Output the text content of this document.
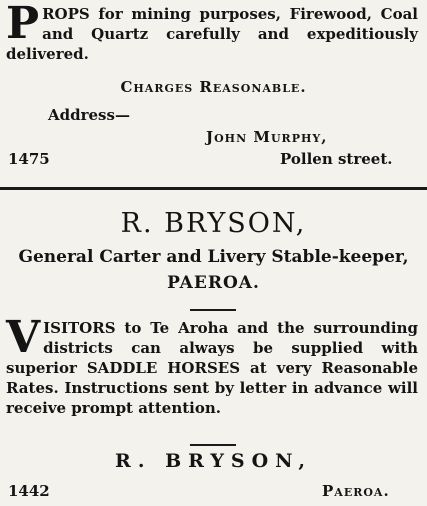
PROPS for mining purposes, Firewood, Coal and Quartz carefully and expeditiously delivered.
Charges Reasonable.
Address—
John Murphy,
1475	Pollen street.
R. BRYSON,
General Carter and Livery Stable-keeper,
PAEROA.
VISITORS to Te Aroha and the surrounding districts can always be supplied with superior SADDLE HORSES at very Reasonable Rates. Instructions sent by letter in advance will receive prompt attention.
R. BRYSON,
1442	Paeroa.
